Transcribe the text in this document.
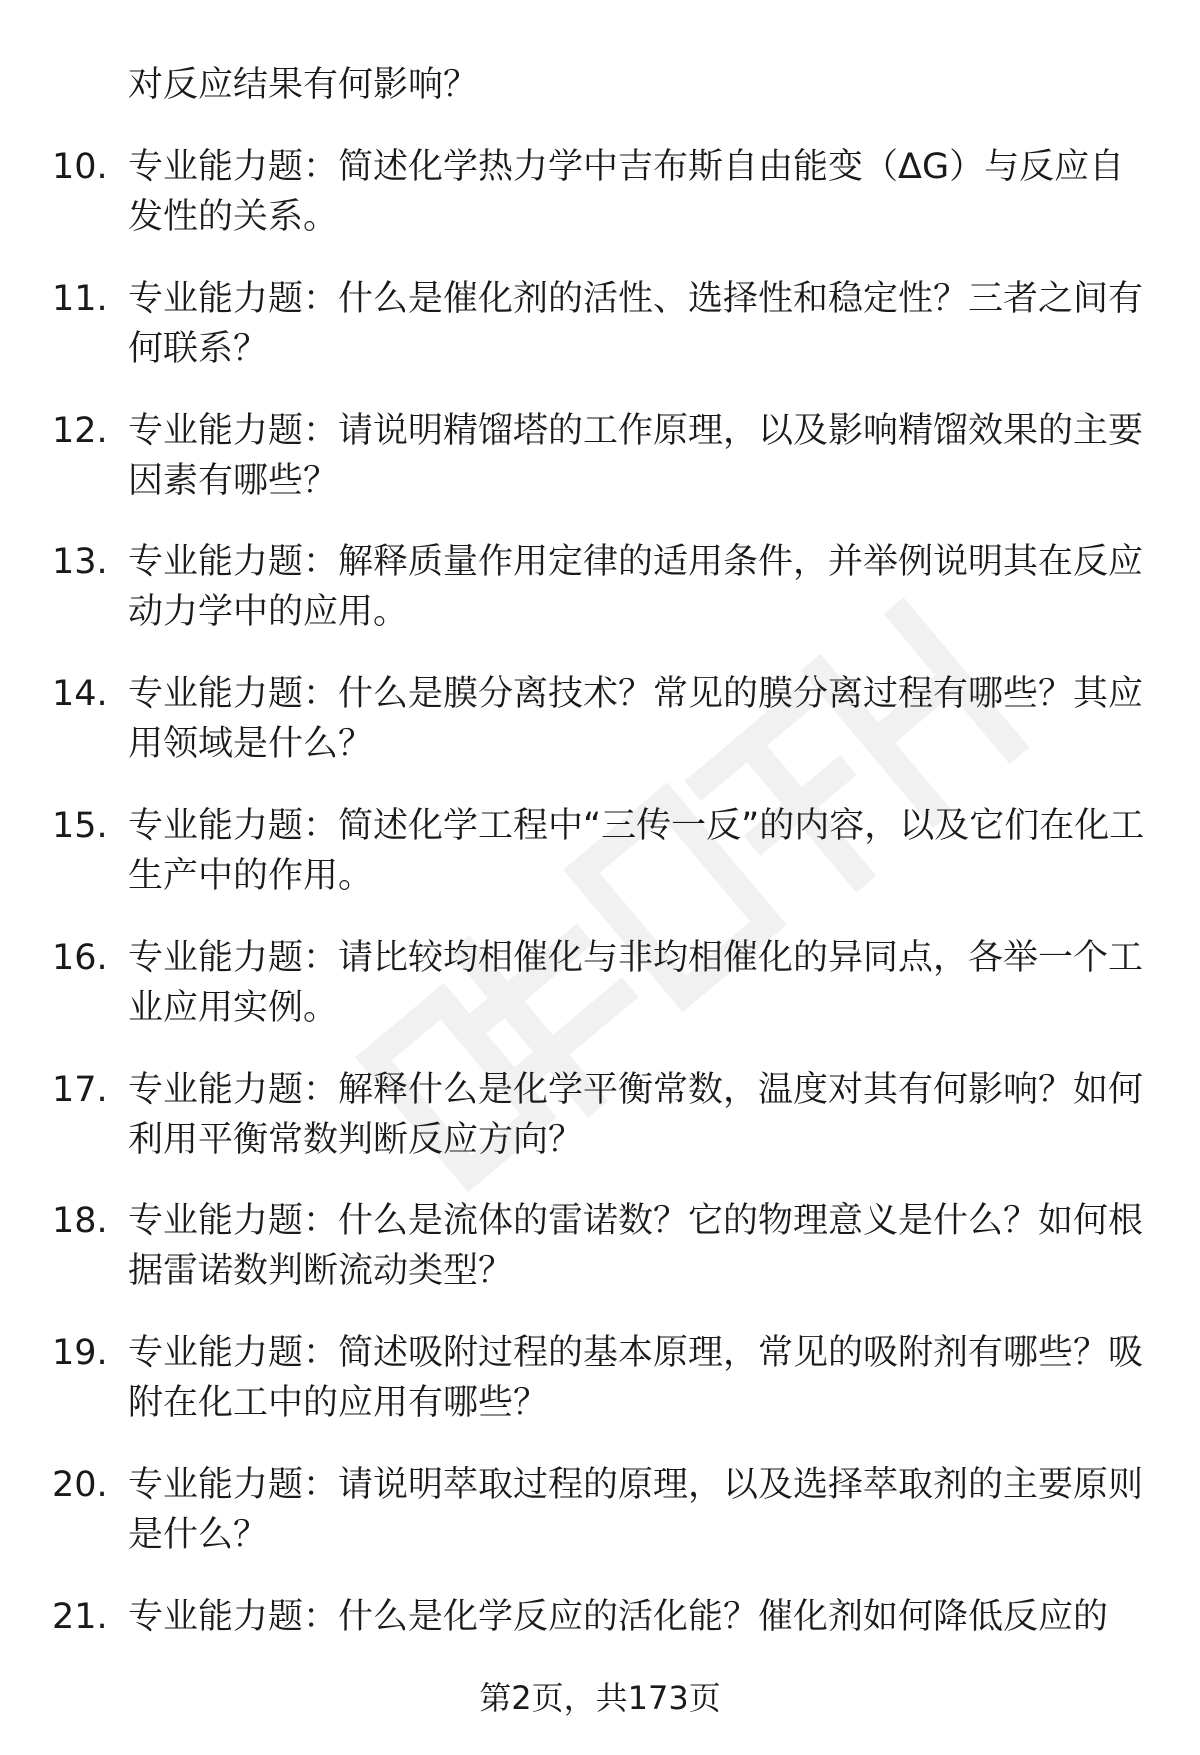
对反应结果有何影响？
10. 专业能力题：简述化学热力学中吉布斯自由能变（ΔG）与反应自发性的关系。
11. 专业能力题：什么是催化剂的活性、选择性和稳定性？三者之间有何联系？
12. 专业能力题：请说明精馏塔的工作原理，以及影响精馏效果的主要因素有哪些？
13. 专业能力题：解释质量作用定律的适用条件，并举例说明其在反应动力学中的应用。
14. 专业能力题：什么是膜分离技术？常见的膜分离过程有哪些？其应用领域是什么？
15. 专业能力题：简述化学工程中“三传一反”的内容，以及它们在化工生产中的作用。
16. 专业能力题：请比较均相催化与非均相催化的异同点，各举一个工业应用实例。
17. 专业能力题：解释什么是化学平衡常数，温度对其有何影响？如何利用平衡常数判断反应方向？
18. 专业能力题：什么是流体的雷诺数？它的物理意义是什么？如何根据雷诺数判断流动类型？
19. 专业能力题：简述吸附过程的基本原理，常见的吸附剂有哪些？吸附在化工中的应用有哪些？
20. 专业能力题：请说明萃取过程的原理，以及选择萃取剂的主要原则是什么？
21. 专业能力题：什么是化学反应的活化能？催化剂如何降低反应的
第2页，共173页
